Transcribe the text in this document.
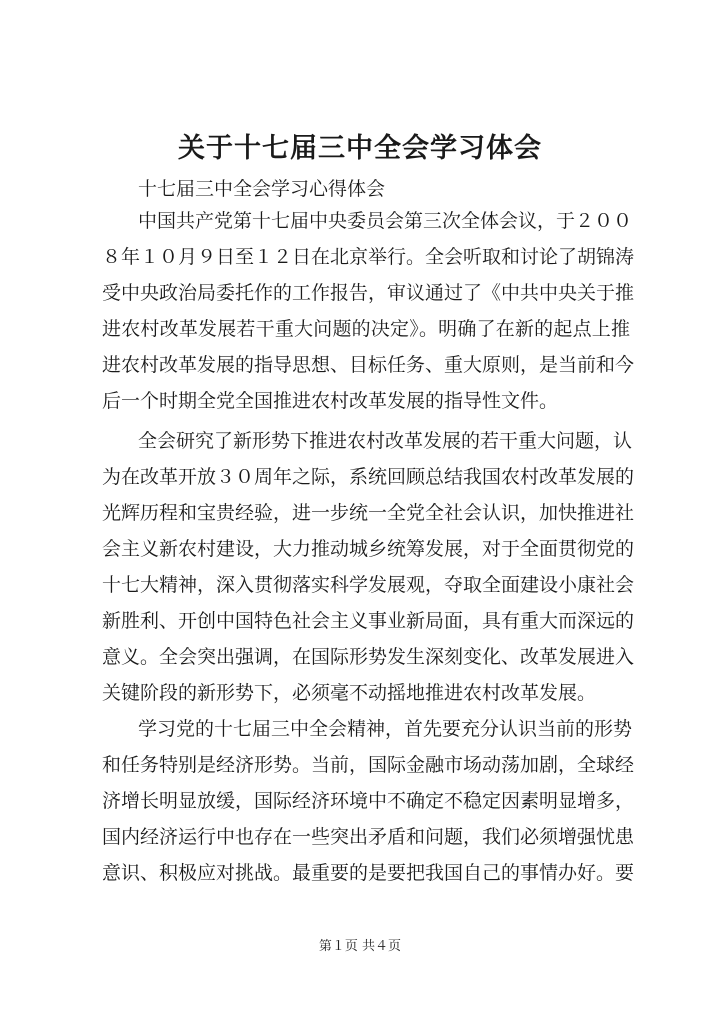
关于十七届三中全会学习体会

十七届三中全会学习心得体会

中国共产党第十七届中央委员会第三次全体会议，于２００
８年１０月９日至１２日在北京举行。全会听取和讨论了胡锦涛
受中央政治局委托作的工作报告，审议通过了《中共中央关于推
进农村改革发展若干重大问题的决定》。明确了在新的起点上推
进农村改革发展的指导思想、目标任务、重大原则，是当前和今
后一个时期全党全国推进农村改革发展的指导性文件。
全会研究了新形势下推进农村改革发展的若干重大问题，认
为在改革开放３０周年之际，系统回顾总结我国农村改革发展的
光辉历程和宝贵经验，进一步统一全党全社会认识，加快推进社
会主义新农村建设，大力推动城乡统筹发展，对于全面贯彻党的
十七大精神，深入贯彻落实科学发展观，夺取全面建设小康社会
新胜利、开创中国特色社会主义事业新局面，具有重大而深远的
意义。全会突出强调，在国际形势发生深刻变化、改革发展进入
关键阶段的新形势下，必须毫不动摇地推进农村改革发展。
学习党的十七届三中全会精神，首先要充分认识当前的形势
和任务特别是经济形势。当前，国际金融市场动荡加剧，全球经
济增长明显放缓，国际经济环境中不确定不稳定因素明显增多，
国内经济运行中也存在一些突出矛盾和问题，我们必须增强忧患
意识、积极应对挑战。最重要的是要把我国自己的事情办好。要
第１页 共４页
